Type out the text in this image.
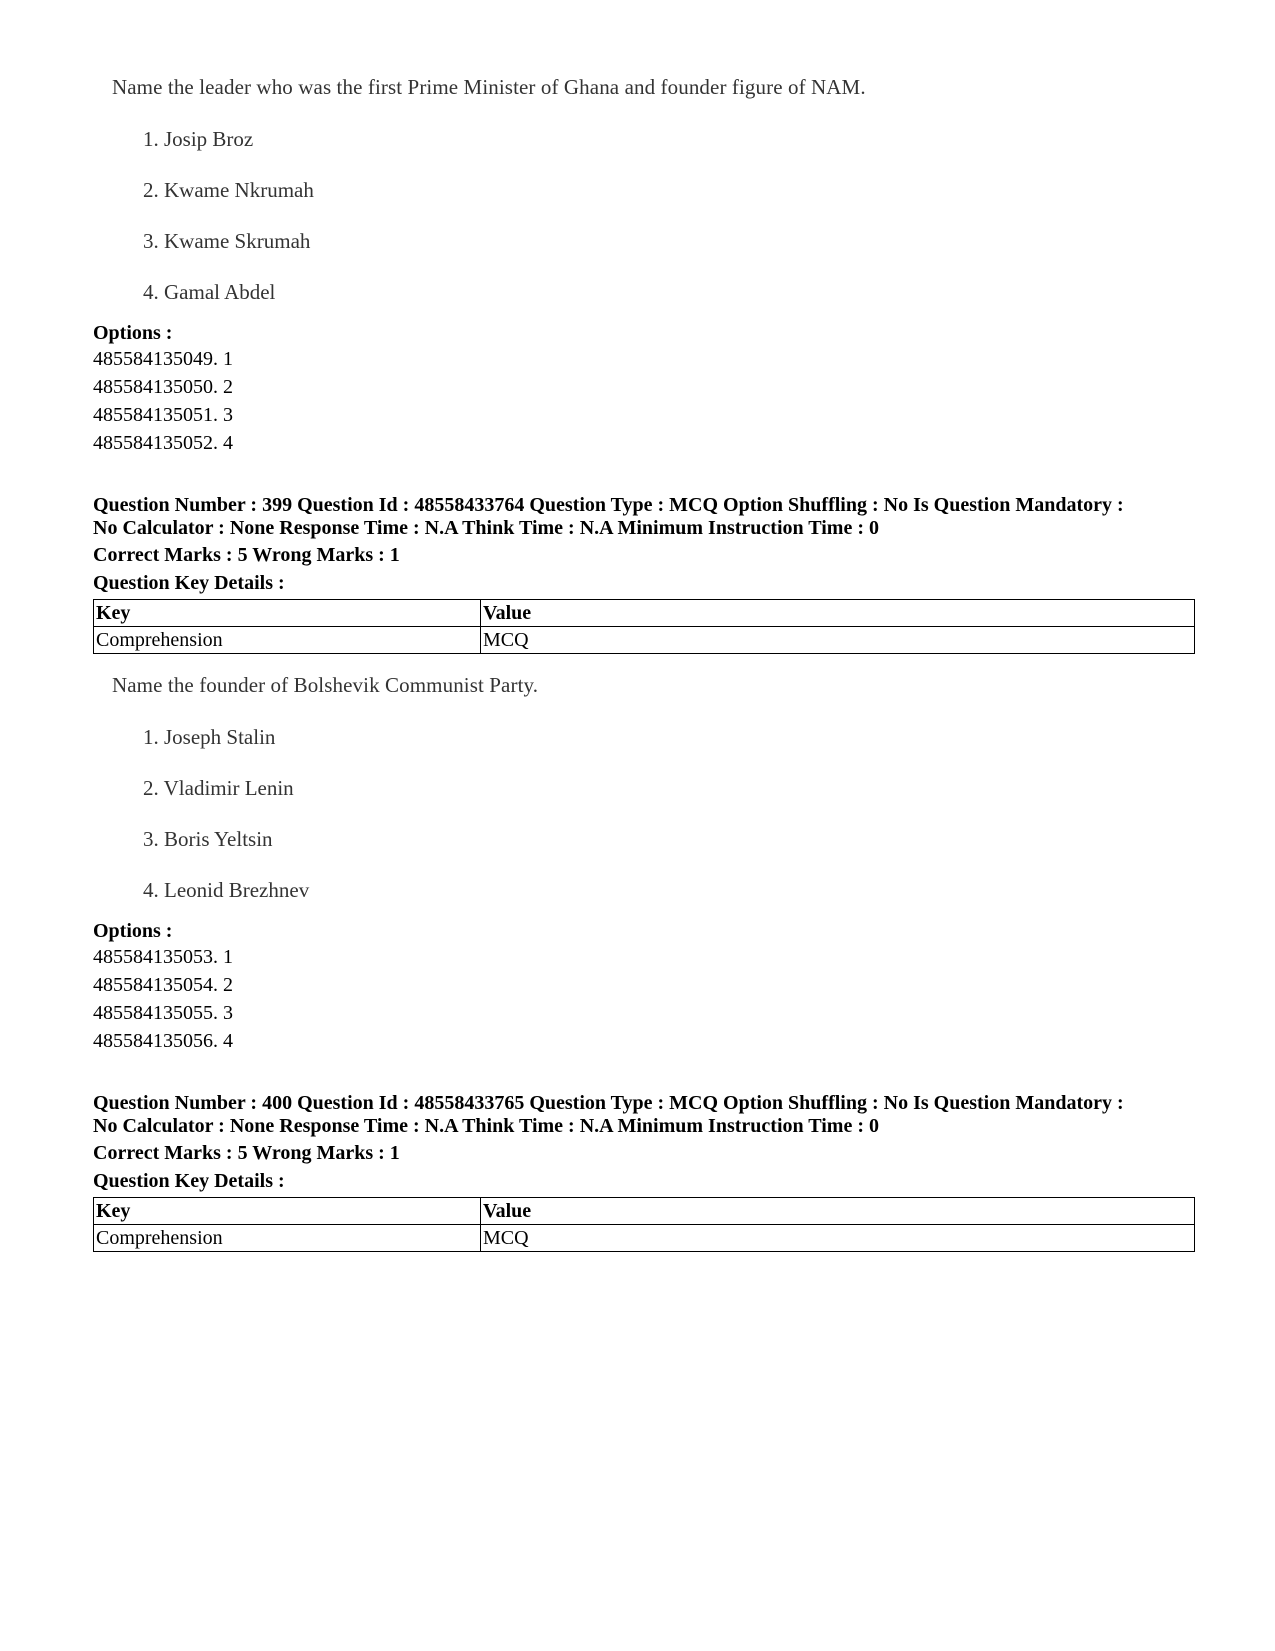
Name the leader who was the first Prime Minister of Ghana and founder figure of NAM.
1. Josip Broz
2. Kwame Nkrumah
3. Kwame Skrumah
4. Gamal Abdel
Options :
485584135049. 1
485584135050. 2
485584135051. 3
485584135052. 4
Question Number : 399 Question Id : 48558433764 Question Type : MCQ Option Shuffling : No Is Question Mandatory :
No Calculator : None Response Time : N.A Think Time : N.A Minimum Instruction Time : 0
Correct Marks : 5 Wrong Marks : 1
Question Key Details :
Key	Value
Comprehension	MCQ
Name the founder of Bolshevik Communist Party.
1. Joseph Stalin
2. Vladimir Lenin
3. Boris Yeltsin
4. Leonid Brezhnev
Options :
485584135053. 1
485584135054. 2
485584135055. 3
485584135056. 4
Question Number : 400 Question Id : 48558433765 Question Type : MCQ Option Shuffling : No Is Question Mandatory :
No Calculator : None Response Time : N.A Think Time : N.A Minimum Instruction Time : 0
Correct Marks : 5 Wrong Marks : 1
Question Key Details :
Key	Value
Comprehension	MCQ
